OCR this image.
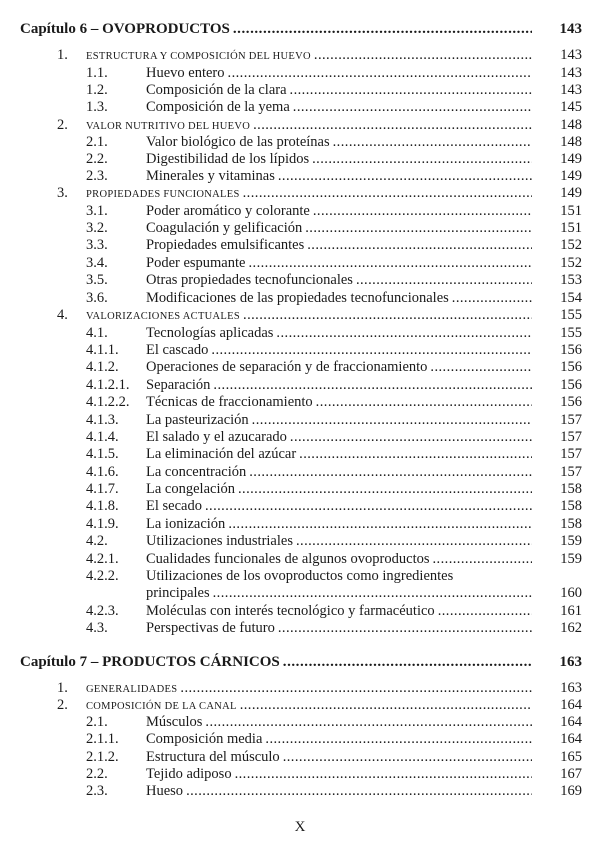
Capítulo 6 – OVOPRODUCTOS . . .	143
1. ESTRUCTURA Y COMPOSICIÓN DEL HUEVO . . .	143
1.1.	Huevo entero . . .	143
1.2.	Composición de la clara . . .	143
1.3.	Composición de la yema . . .	145
2. VALOR NUTRITIVO DEL HUEVO . . .	148
2.1.	Valor biológico de las proteínas . . .	148
2.2.	Digestibilidad de los lípidos . . .	149
2.3.	Minerales y vitaminas . . .	149
3. PROPIEDADES FUNCIONALES . . .	149
3.1.	Poder aromático y colorante . . .	151
3.2.	Coagulación y gelificación . . .	151
3.3.	Propiedades emulsificantes . . .	152
3.4.	Poder espumante . . .	152
3.5.	Otras propiedades tecnofuncionales . . .	153
3.6.	Modificaciones de las propiedades tecnofuncionales . . .	154
4. VALORIZACIONES ACTUALES . . .	155
4.1.	Tecnologías aplicadas . . .	155
4.1.1. El cascado . . .	156
4.1.2. Operaciones de separación y de fraccionamiento . . .	156
4.1.2.1. Separación . . .	156
4.1.2.2. Técnicas de fraccionamiento . . .	156
4.1.3. La pasteurización . . .	157
4.1.4. El salado y el azucarado . . .	157
4.1.5. La eliminación del azúcar . . .	157
4.1.6. La concentración . . .	157
4.1.7. La congelación . . .	158
4.1.8. El secado . . .	158
4.1.9. La ionización . . .	158
4.2.	Utilizaciones industriales . . .	159
4.2.1. Cualidades funcionales de algunos ovoproductos . . .	159
4.2.2. Utilizaciones de los ovoproductos como ingredientes
principales . . .	160
4.2.3. Moléculas con interés tecnológico y farmacéutico . . .	161
4.3.	Perspectivas de futuro . . .	162
Capítulo 7 – PRODUCTOS CÁRNICOS . . .	163
1. GENERALIDADES . . .	163
2. COMPOSICIÓN DE LA CANAL . . .	164
2.1.	Músculos . . .	164
2.1.1. Composición media . . .	164
2.1.2. Estructura del músculo . . .	165
2.2.	Tejido adiposo . . .	167
2.3.	Hueso . . .	169
X
